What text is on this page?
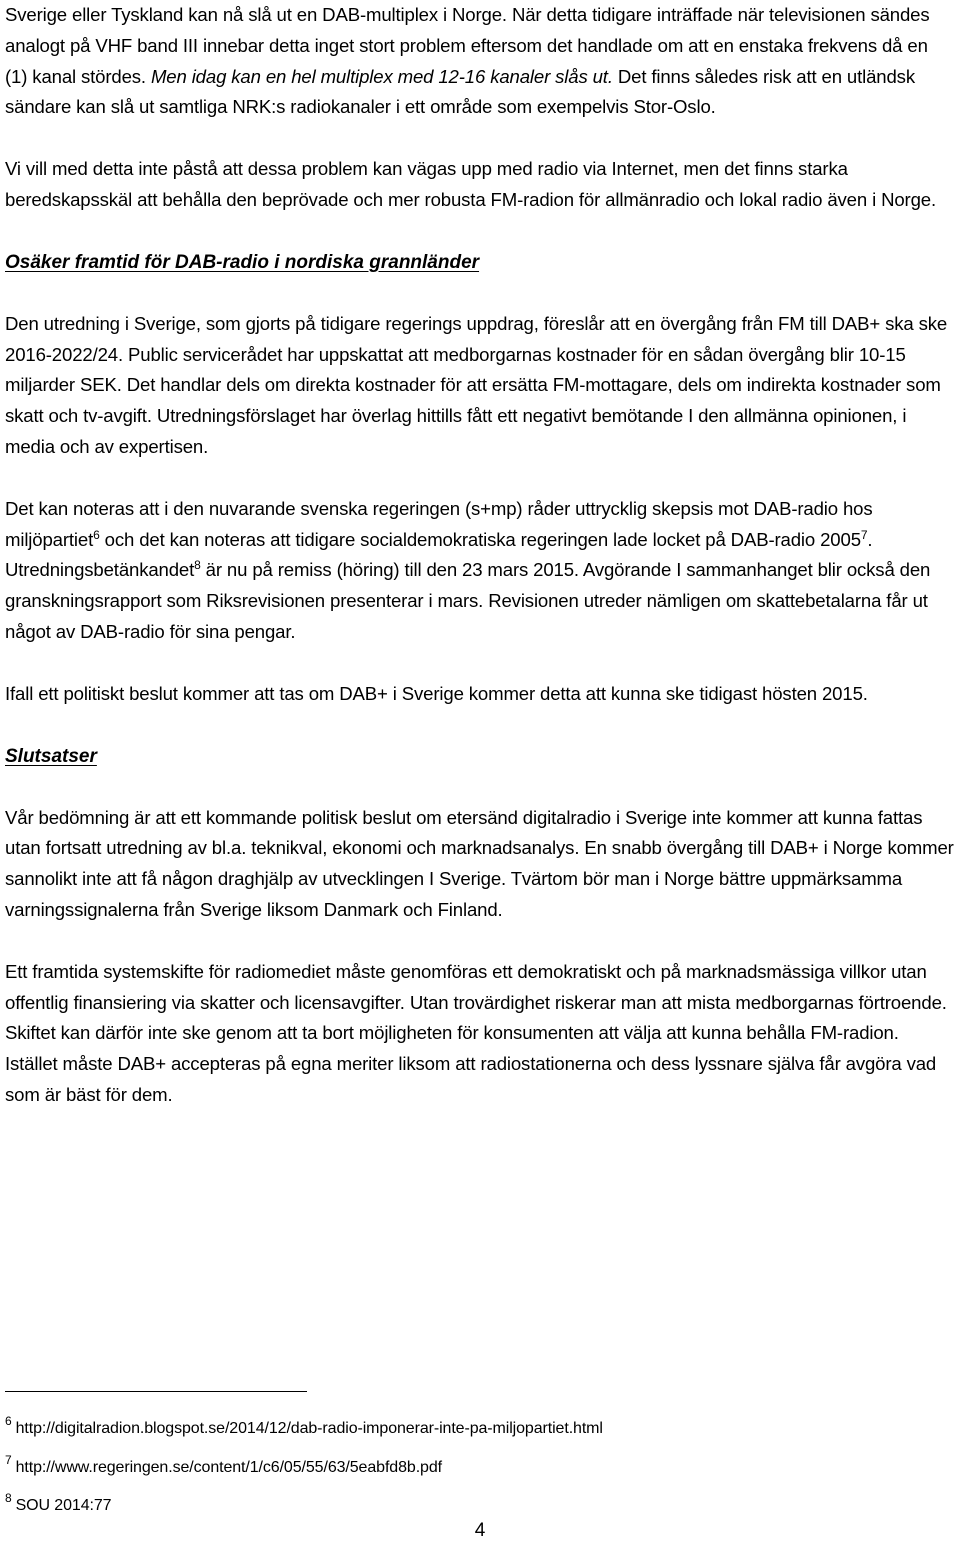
Sverige eller Tyskland kan nå slå ut en DAB-multiplex i Norge. När detta tidigare inträffade när televisionen sändes analogt på VHF band III innebar detta inget stort problem eftersom det handlade om att en enstaka frekvens då en (1) kanal stördes. Men idag kan en hel multiplex med 12-16 kanaler slås ut. Det finns således risk att en utländsk sändare kan slå ut samtliga NRK:s radiokanaler i ett område som exempelvis Stor-Oslo.

Vi vill med detta inte påstå att dessa problem kan vägas upp med radio via Internet, men det finns starka beredskapsskäl att behålla den beprövade och mer robusta FM-radion för allmänradio och lokal radio även i Norge.

Osäker framtid för DAB-radio i nordiska grannländer

Den utredning i Sverige, som gjorts på tidigare regerings uppdrag, föreslår att en övergång från FM till DAB+ ska ske 2016-2022/24. Public servicerådet har uppskattat att medborgarnas kostnader för en sådan övergång blir 10-15 miljarder SEK. Det handlar dels om direkta kostnader för att ersätta FM-mottagare, dels om indirekta kostnader som skatt och tv-avgift. Utredningsförslaget har överlag hittills fått ett negativt bemötande I den allmänna opinionen, i media och av expertisen.

Det kan noteras att i den nuvarande svenska regeringen (s+mp) råder uttrycklig skepsis mot DAB-radio hos miljöpartiet$^6$ och det kan noteras att tidigare socialdemokratiska regeringen lade locket på DAB-radio 2005$^7$. Utredningsbetänkandet$^8$ är nu på remiss (höring) till den 23 mars 2015. Avgörande I sammanhanget blir också den granskningsrapport som Riksrevisionen presenterar i mars. Revisionen utreder nämligen om skattebetalarna får ut något av DAB-radio för sina pengar.

Ifall ett politiskt beslut kommer att tas om DAB+ i Sverige kommer detta att kunna ske tidigast hösten 2015.

Slutsatser

Vår bedömning är att ett kommande politisk beslut om etersänd digitalradio i Sverige inte kommer att kunna fattas utan fortsatt utredning av bl.a. teknikval, ekonomi och marknadsanalys. En snabb övergång till DAB+ i Norge kommer sannolikt inte att få någon draghjälp av utvecklingen I Sverige. Tvärtom bör man i Norge bättre uppmärksamma varningssignalerna från Sverige liksom Danmark och Finland.

Ett framtida systemskifte för radiomediet måste genomföras ett demokratiskt och på marknadsmässiga villkor utan offentlig finansiering via skatter och licensavgifter. Utan trovärdighet riskerar man att mista medborgarnas förtroende. Skiftet kan därför inte ske genom att ta bort möjligheten för konsumenten att välja att kunna behålla FM-radion. Istället måste DAB+ accepteras på egna meriter liksom att radiostationerna och dess lyssnare själva får avgöra vad som är bäst för dem.

$^6$ http://digitalradion.blogspot.se/2014/12/dab-radio-imponerar-inte-pa-miljopartiet.html

$^7$ http://www.regeringen.se/content/1/c6/05/55/63/5eabfd8b.pdf

$^8$ SOU 2014:77

4
